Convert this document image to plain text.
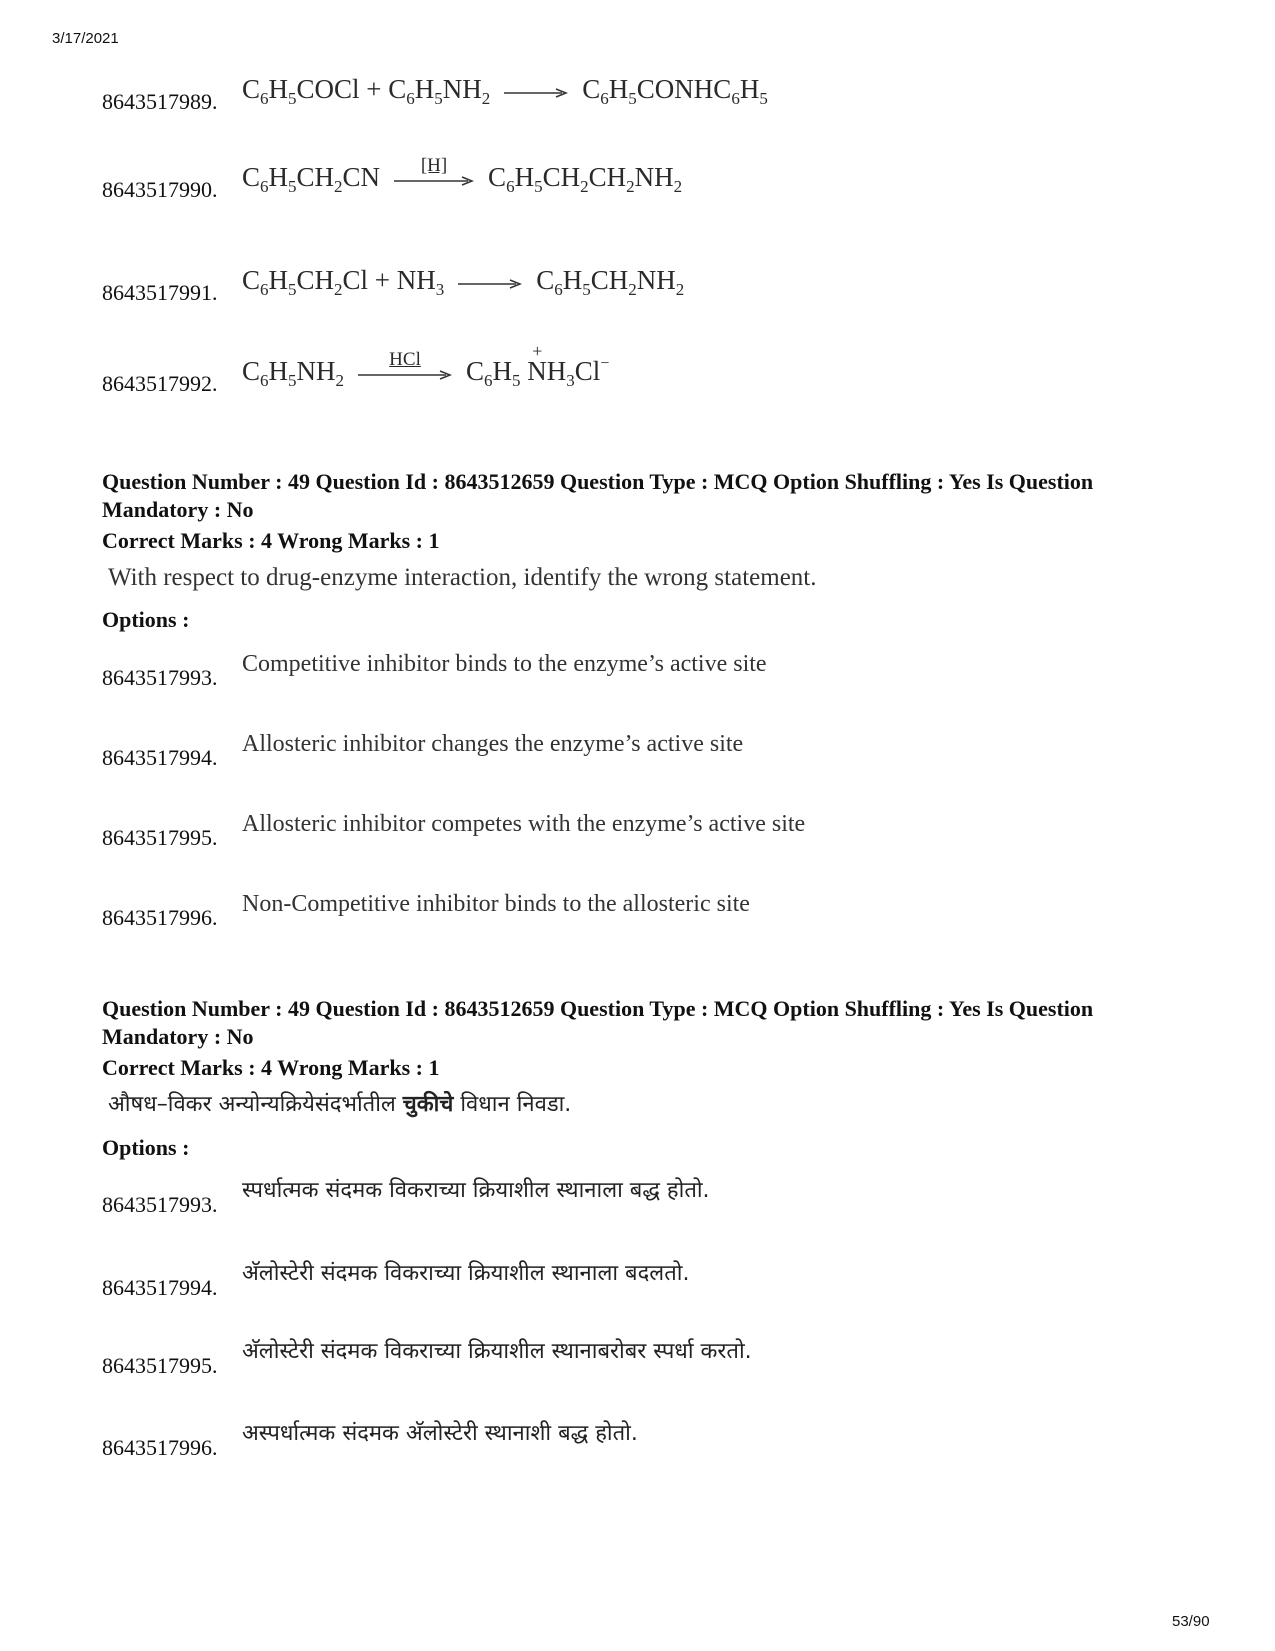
3/17/2021
8643517989. $C_6H_5COCl + C_6H_5NH_2$ → $C_6H_5CONHC_6H_5$
8643517990. $C_6H_5CH_2CN$ [H] $C_6H_5CH_2CH_2NH_2$
8643517991. $C_6H_5CH_2Cl + NH_3 \to C_6H_5CH_2NH_2$
8643517992. $C_6H_5NH_2$
HCl $C_6H_5$ N
+
$H_3Cl^-$
Question Number : 49 Question Id : 8643512659 Question Type : MCQ Option Shuffling : Yes Is Question Mandatory : No
Correct Marks : 4 Wrong Marks : 1
With respect to drug-enzyme interaction, identify the wrong statement.
Options :
8643517993.
Competitive inhibitor binds to the enzyme’s active site
8643517994.
Allosteric inhibitor changes the enzyme’s active site
8643517995.
Allosteric inhibitor competes with the enzyme’s active site
8643517996.
Non-Competitive inhibitor binds to the allosteric site
Question Number : 49 Question Id : 8643512659 Question Type : MCQ Option Shuffling : Yes Is Question Mandatory : No
Correct Marks : 4 Wrong Marks : 1
औषध–विकर अन्योन्यक्रियेसंदर्भातील चुकीचे विधान निवडा.
Options :
8643517993.
स्पर्धात्मक संदमक विकराच्या क्रियाशील स्थानाला बद्ध होतो.
8643517994.
अ‍ॅलोस्टेरी संदमक विकराच्या क्रियाशील स्थानाला बदलतो.
8643517995.
अ‍ॅलोस्टेरी संदमक विकराच्या क्रियाशील स्थानाबरोबर स्पर्धा करतो.
8643517996.
अस्पर्धात्मक संदमक अ‍ॅलोस्टेरी स्थानाशी बद्ध होतो.
53/90
